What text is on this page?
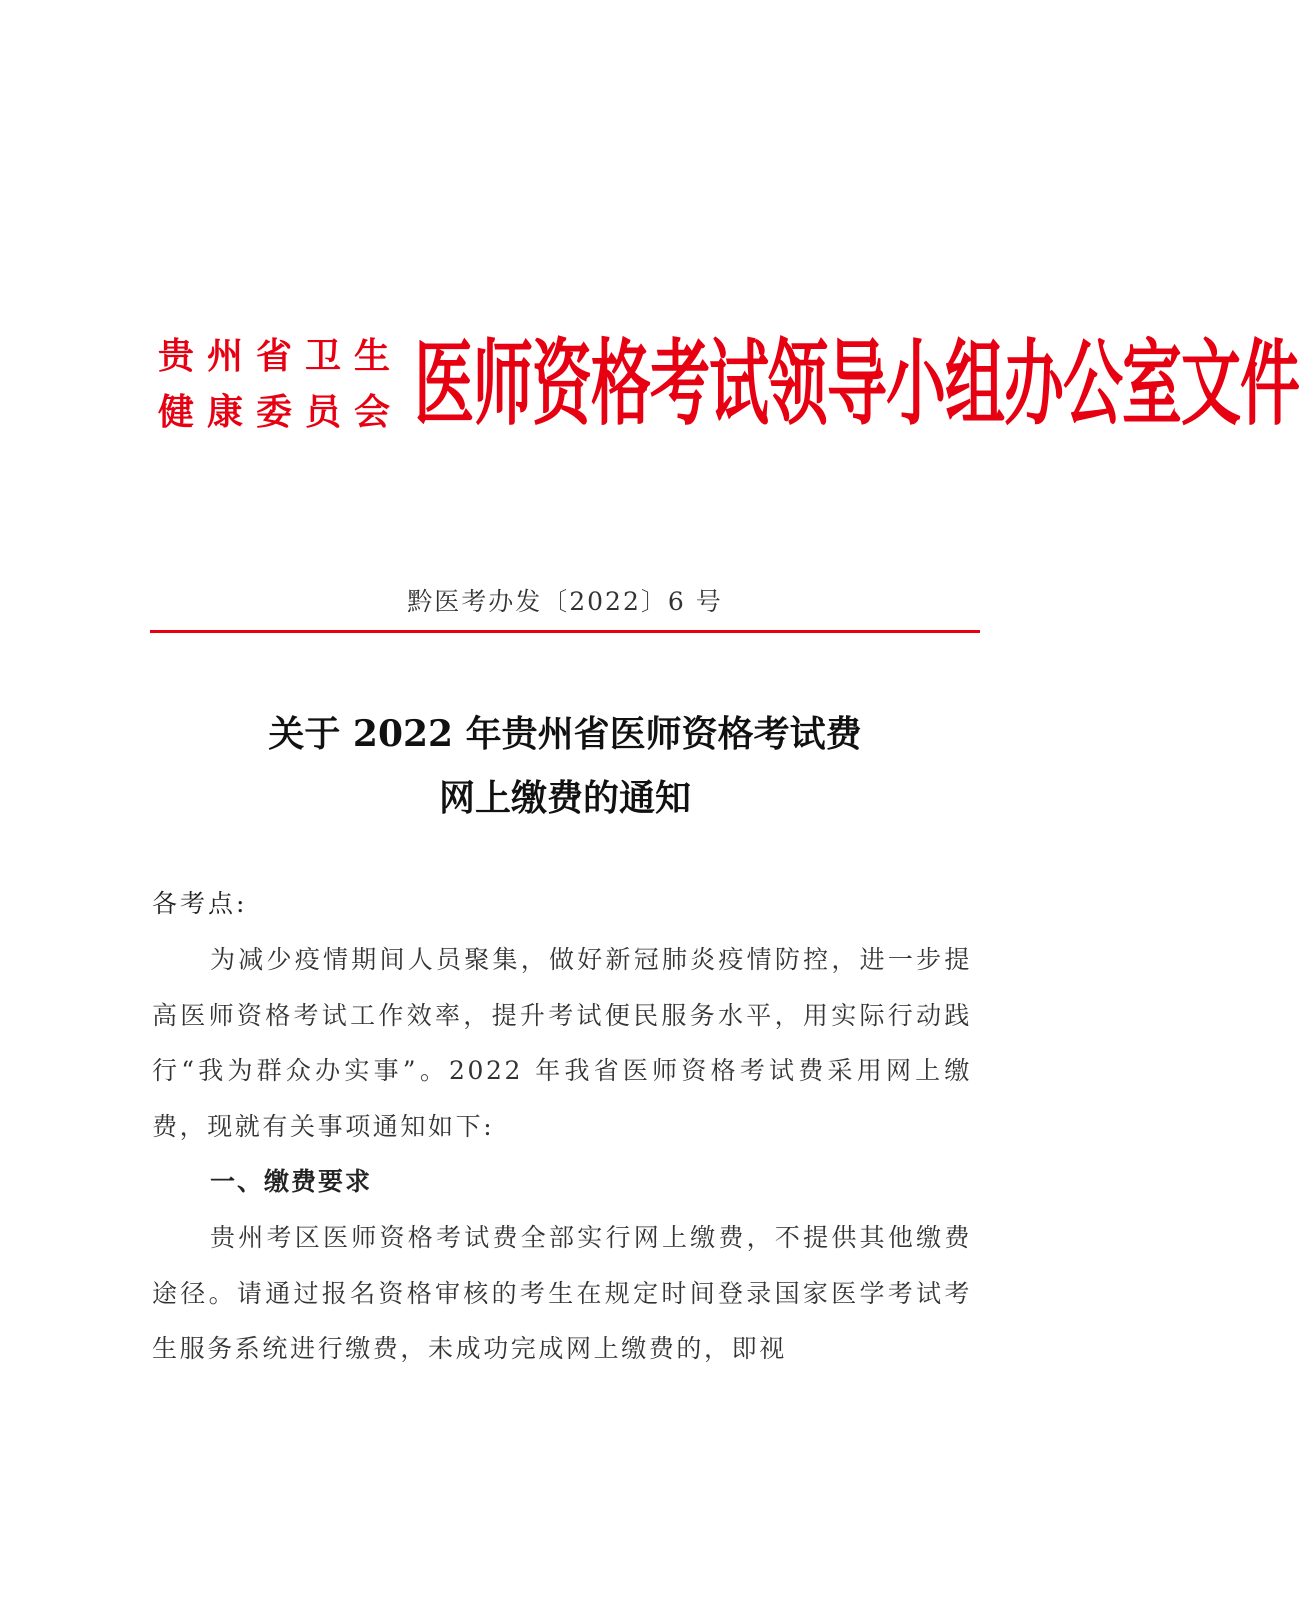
贵州省卫生
健康委员会 医师资格考试领导小组办公室文件
黔医考办发〔2022〕6 号
关于 2022 年贵州省医师资格考试费
网上缴费的通知

各考点:

为减少疫情期间人员聚集，做好新冠肺炎疫情防控，进一步提高医师资格考试工作效率，提升考试便民服务水平，用实际行动践行“我为群众办实事”。2022 年我省医师资格考试费采用网上缴费，现就有关事项通知如下:

一、缴费要求

贵州考区医师资格考试费全部实行网上缴费，不提供其他缴费途径。请通过报名资格审核的考生在规定时间登录国家医学考试考生服务系统进行缴费，未成功完成网上缴费的，即视
